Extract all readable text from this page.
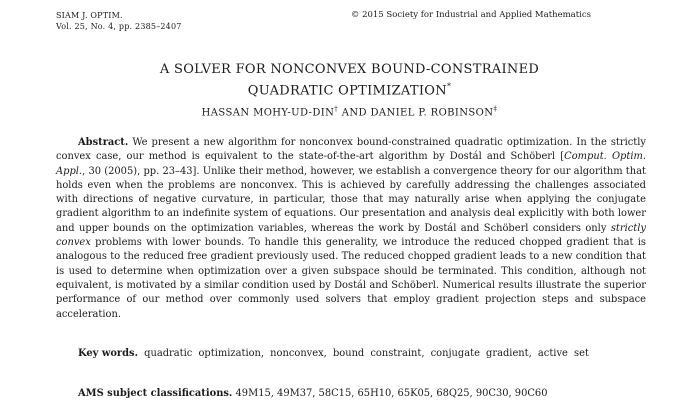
SIAM J. OPTIM.
Vol. 25, No. 4, pp. 2385–2407
© 2015 Society for Industrial and Applied Mathematics
A SOLVER FOR NONCONVEX BOUND-CONSTRAINED
QUADRATIC OPTIMIZATION*
HASSAN MOHY-UD-DIN† AND DANIEL P. ROBINSON‡

Abstract. We present a new algorithm for nonconvex bound-constrained quadratic optimization. In the strictly convex case, our method is equivalent to the state-of-the-art algorithm by Dostál and Schöberl [Comput. Optim. Appl., 30 (2005), pp. 23–43]. Unlike their method, however, we establish a convergence theory for our algorithm that holds even when the problems are nonconvex. This is achieved by carefully addressing the challenges associated with directions of negative curvature, in particular, those that may naturally arise when applying the conjugate gradient algorithm to an indefinite system of equations. Our presentation and analysis deal explicitly with both lower and upper bounds on the optimization variables, whereas the work by Dostál and Schöberl considers only strictly convex problems with lower bounds. To handle this generality, we introduce the reduced chopped gradient that is analogous to the reduced free gradient previously used. The reduced chopped gradient leads to a new condition that is used to determine when optimization over a given subspace should be terminated. This condition, although not equivalent, is motivated by a similar condition used by Dostál and Schöberl. Numerical results illustrate the superior performance of our method over commonly used solvers that employ gradient projection steps and subspace acceleration.

Key words. quadratic optimization, nonconvex, bound constraint, conjugate gradient, active set

AMS subject classifications. 49M15, 49M37, 58C15, 65H10, 65K05, 68Q25, 90C30, 90C60
